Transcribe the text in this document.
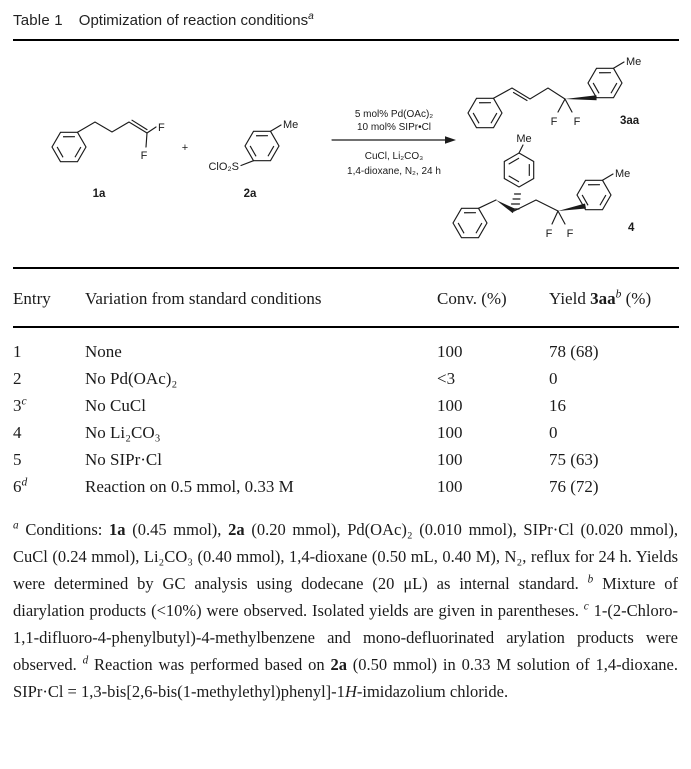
Table 1 Optimization of reaction conditions$^a$
F
F
1a
+
ClO₂S
Me
2a
5 mol% Pd(OAc)₂
10 mol% SIPr•Cl
CuCl, Li₂CO₃
1,4-dioxane, N₂, 24 h
F F
Me
3aa
Me
F F
Me
4
Entry	Variation from standard conditions	Conv. (%)	Yield $3aa^b$ (%)
1	None	100	78 (68)
2	No Pd(OAc)₂	<3	0
3$^c$	No CuCl	100	16
4	No Li₂CO₃	100	0
5	No SIPr·Cl	100	75 (63)
6$^d$	Reaction on 0.5 mmol, 0.33 M	100	76 (72)

$^a$ Conditions: 1a (0.45 mmol), 2a (0.20 mmol), Pd(OAc)₂ (0.010 mmol), SIPr·Cl (0.020 mmol), CuCl (0.24 mmol), Li₂CO₃ (0.40 mmol), 1,4-dioxane (0.50 mL, 0.40 M), N₂, reflux for 24 h. Yields were determined by GC analysis using dodecane (20 μL) as internal standard. $^b$ Mixture of diarylation products (<10%) were observed. Isolated yields are given in parentheses. $^c$ 1-(2-Chloro-1,1-difluoro-4-phenylbutyl)-4-methylbenzene and mono-defluorinated arylation products were observed. $^d$ Reaction was performed based on 2a (0.50 mmol) in 0.33 M solution of 1,4-dioxane. SIPr·Cl = 1,3-bis[2,6-bis(1-methylethyl)phenyl]-1H-imidazolium chloride.
